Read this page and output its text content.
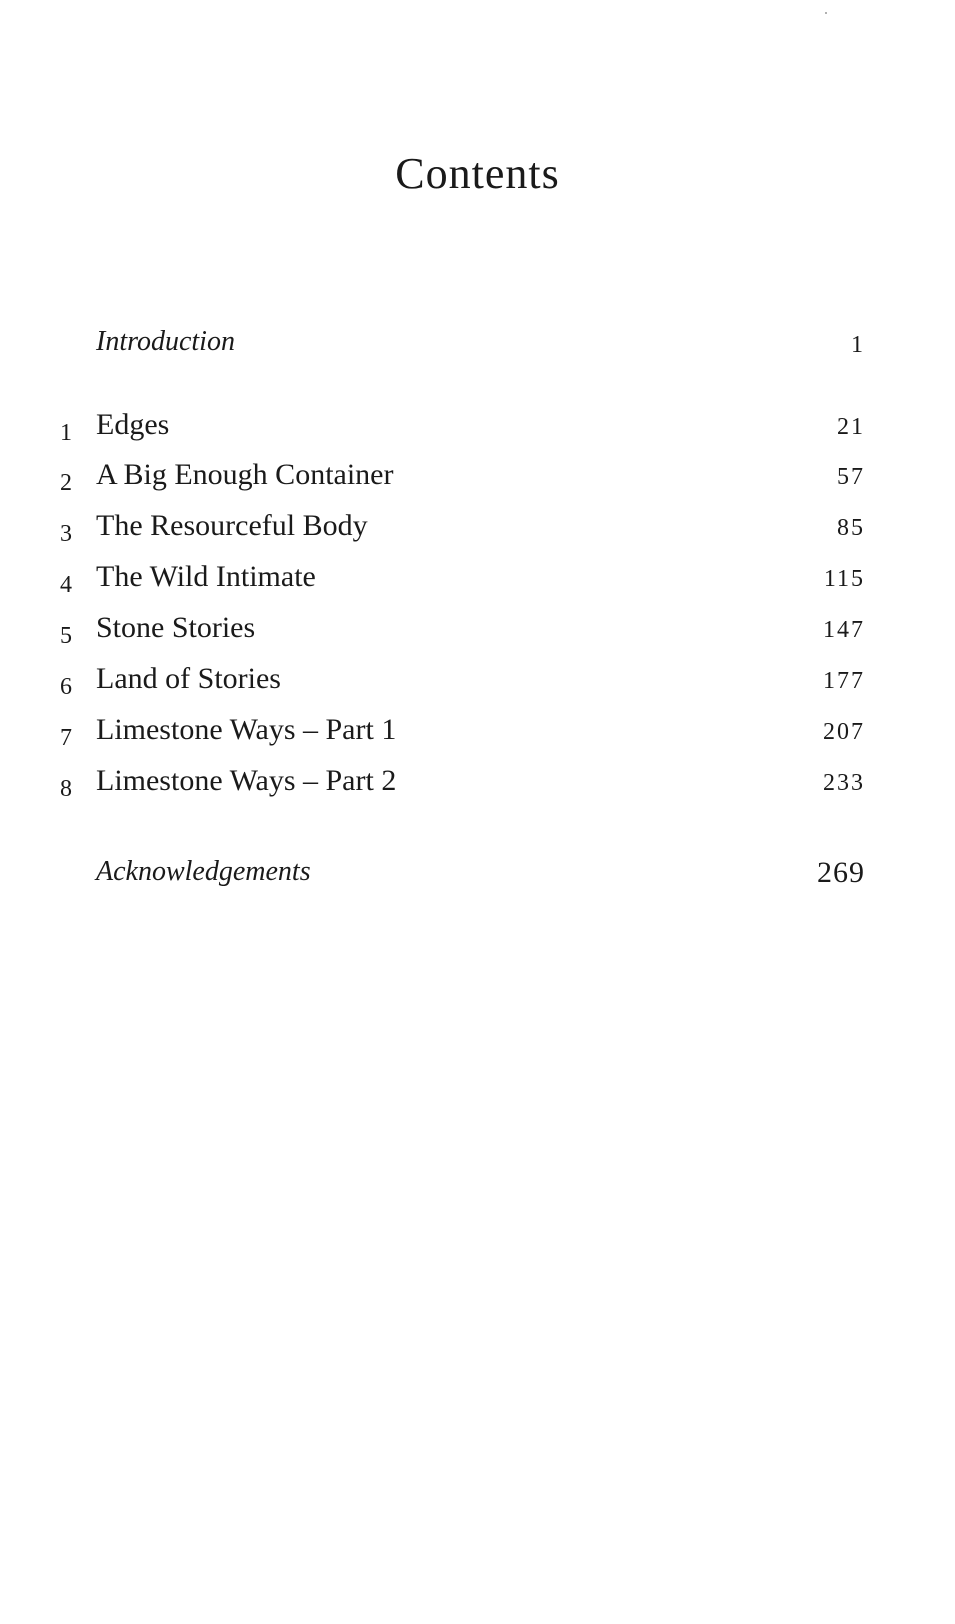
Contents
Introduction	1
1 Edges	21
2 A Big Enough Container	57
3 The Resourceful Body	85
4 The Wild Intimate	115
5 Stone Stories	147
6 Land of Stories	177
7 Limestone Ways – Part 1	207
8 Limestone Ways – Part 2	233
Acknowledgements	269
